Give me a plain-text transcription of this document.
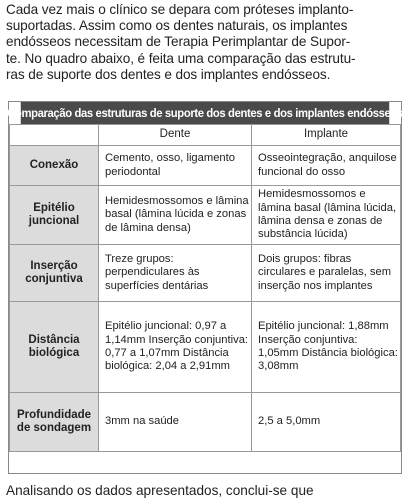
Cada vez mais o clínico se depara com próteses implanto-
suportadas. Assim como os dentes naturais, os implantes
endósseos necessitam de Terapia Perimplantar de Supor-
te. No quadro abaixo, é feita uma comparação das estrutu-
ras de suporte dos dentes e dos implantes endósseos.
Comparação das estruturas de suporte dos dentes e dos implantes endósseos
	Dente	Implante
Conexão	Cemento, osso, ligamento periodontal	Osseointegração, anquilose funcional do osso
Epitélio juncional	Hemidesmossomos e lâmina basal (lâmina lúcida e zonas de lâmina densa)	Hemidesmossomos e lâmina basal (lâmina lúcida, lâmina densa e zonas de substância lúcida)
Inserção conjuntiva	Treze grupos: perpendiculares às superfícies dentárias	Dois grupos: fibras circulares e paralelas, sem inserção nos implantes
Distância biológica	Epitélio juncional: 0,97 a 1,14mm Inserção conjuntiva: 0,77 a 1,07mm Distância biológica: 2,04 a 2,91mm	Epitélio juncional: 1,88mm Inserção conjuntiva: 1,05mm Distância biológica: 3,08mm
Profundidade de sondagem	3mm na saúde	2,5 a 5,0mm
Analisando os dados apresentados, conclui-se que
